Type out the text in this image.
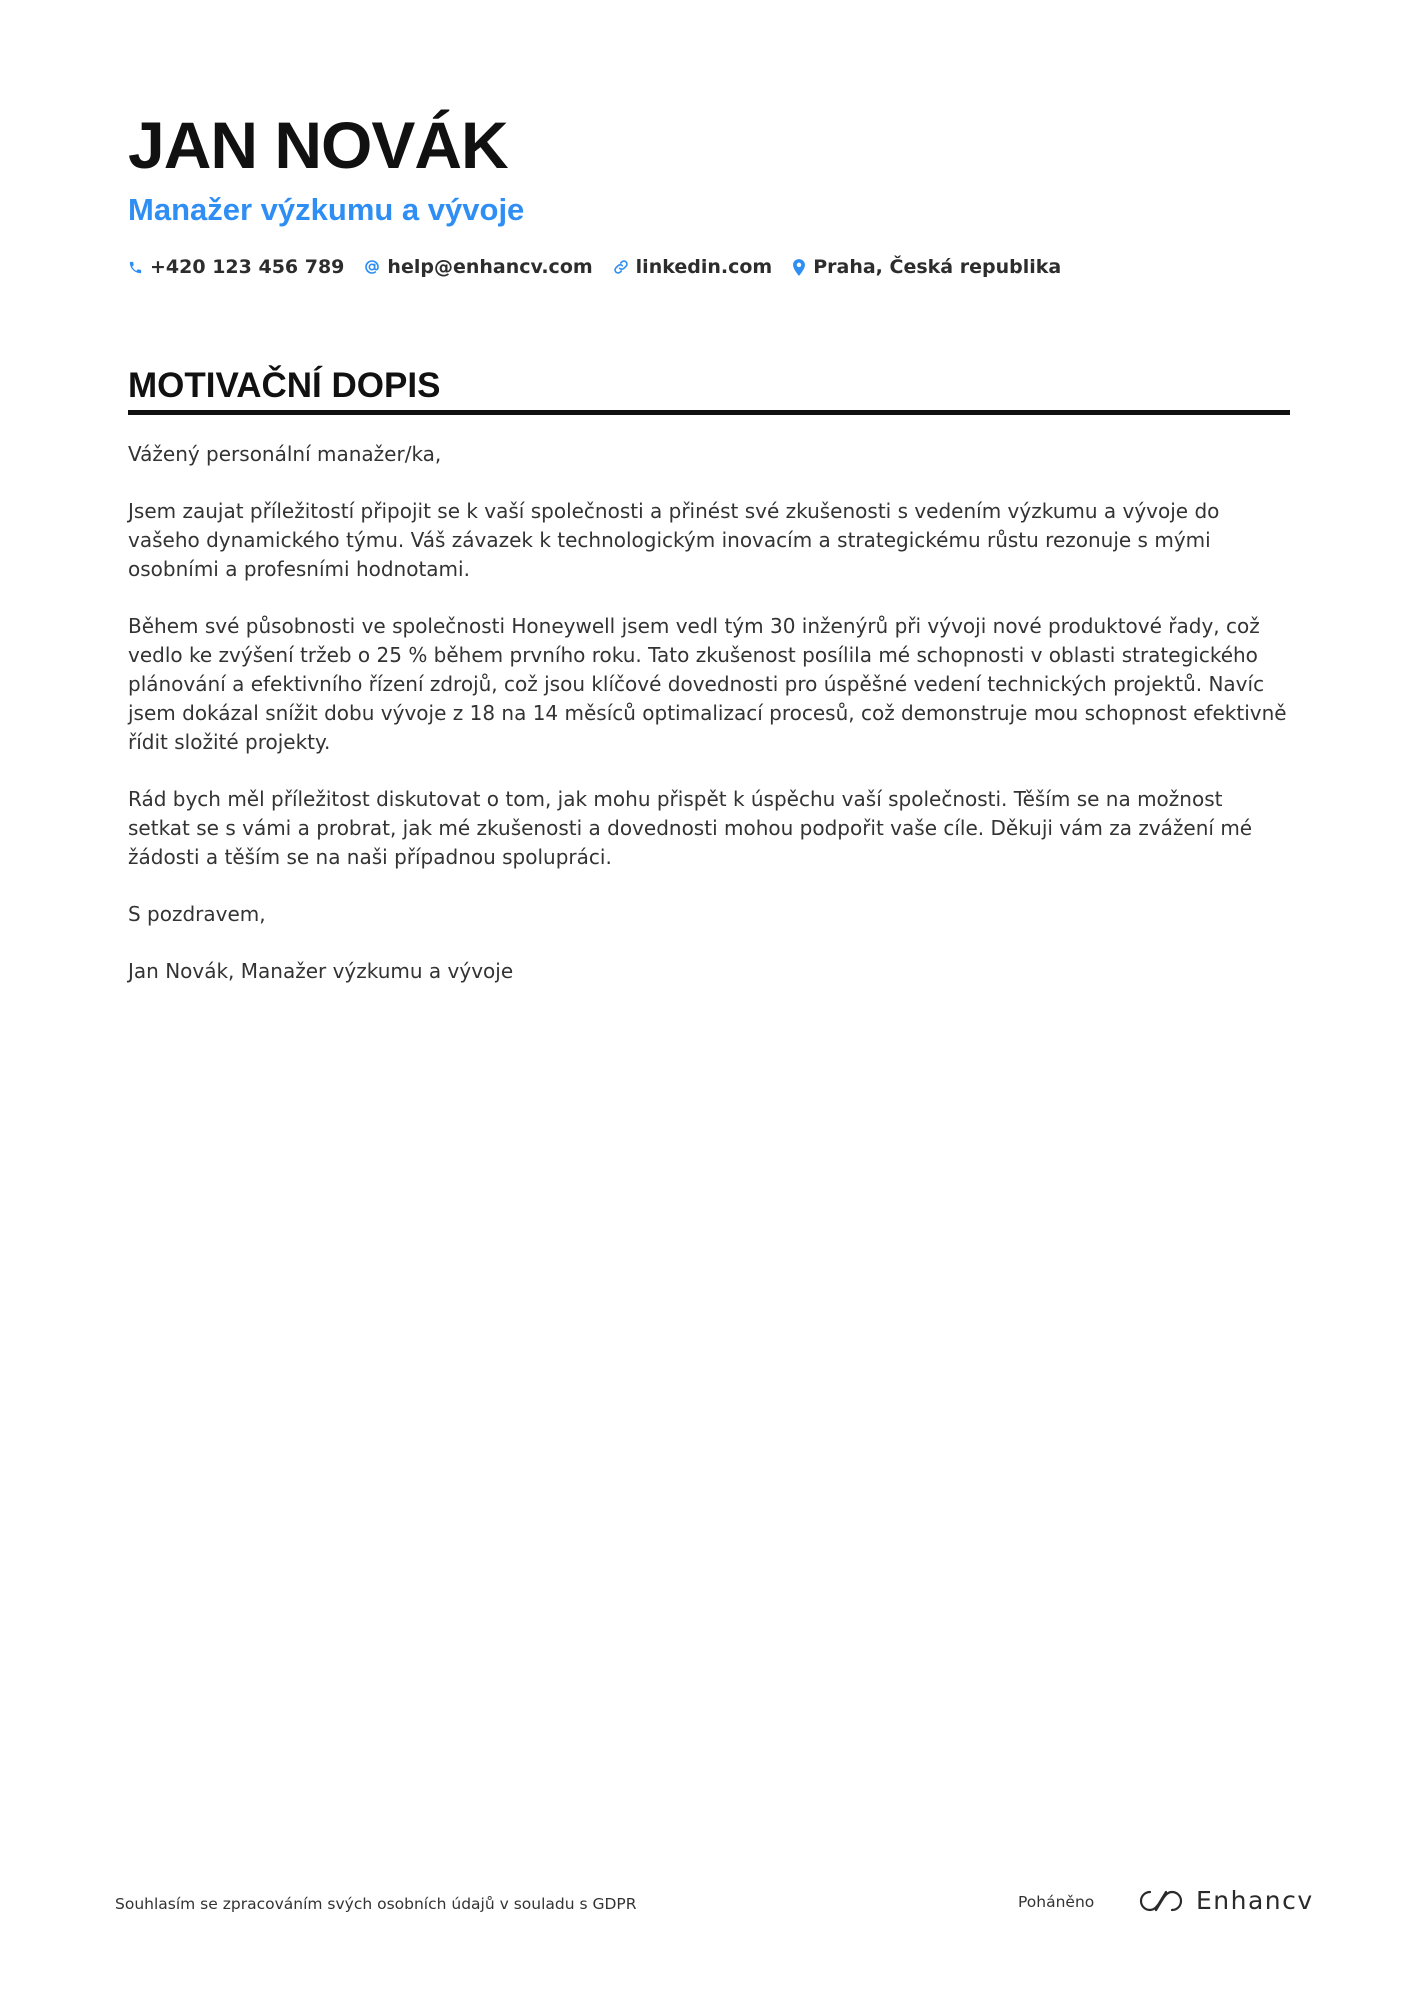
JAN NOVÁK
Manažer výzkumu a vývoje
+420 123 456 789 help@enhancv.com linkedin.com Praha, Česká republika
MOTIVAČNÍ DOPIS

Vážený personální manažer/ka,

Jsem zaujat příležitostí připojit se k vaší společnosti a přinést své zkušenosti s vedením výzkumu a vývoje do vašeho dynamického týmu. Váš závazek k technologickým inovacím a strategickému růstu rezonuje s mými osobními a profesními hodnotami.

Během své působnosti ve společnosti Honeywell jsem vedl tým 30 inženýrů při vývoji nové produktové řady, což vedlo ke zvýšení tržeb o 25 % během prvního roku. Tato zkušenost posílila mé schopnosti v oblasti strategického plánování a efektivního řízení zdrojů, což jsou klíčové dovednosti pro úspěšné vedení technických projektů. Navíc jsem dokázal snížit dobu vývoje z 18 na 14 měsíců optimalizací procesů, což demonstruje mou schopnost efektivně řídit složité projekty.

Rád bych měl příležitost diskutovat o tom, jak mohu přispět k úspěchu vaší společnosti. Těším se na možnost setkat se s vámi a probrat, jak mé zkušenosti a dovednosti mohou podpořit vaše cíle. Děkuji vám za zvážení mé žádosti a těším se na naši případnou spolupráci.

S pozdravem,

Jan Novák, Manažer výzkumu a vývoje

Souhlasím se zpracováním svých osobních údajů v souladu s GDPR	Poháněno	Enhancv
